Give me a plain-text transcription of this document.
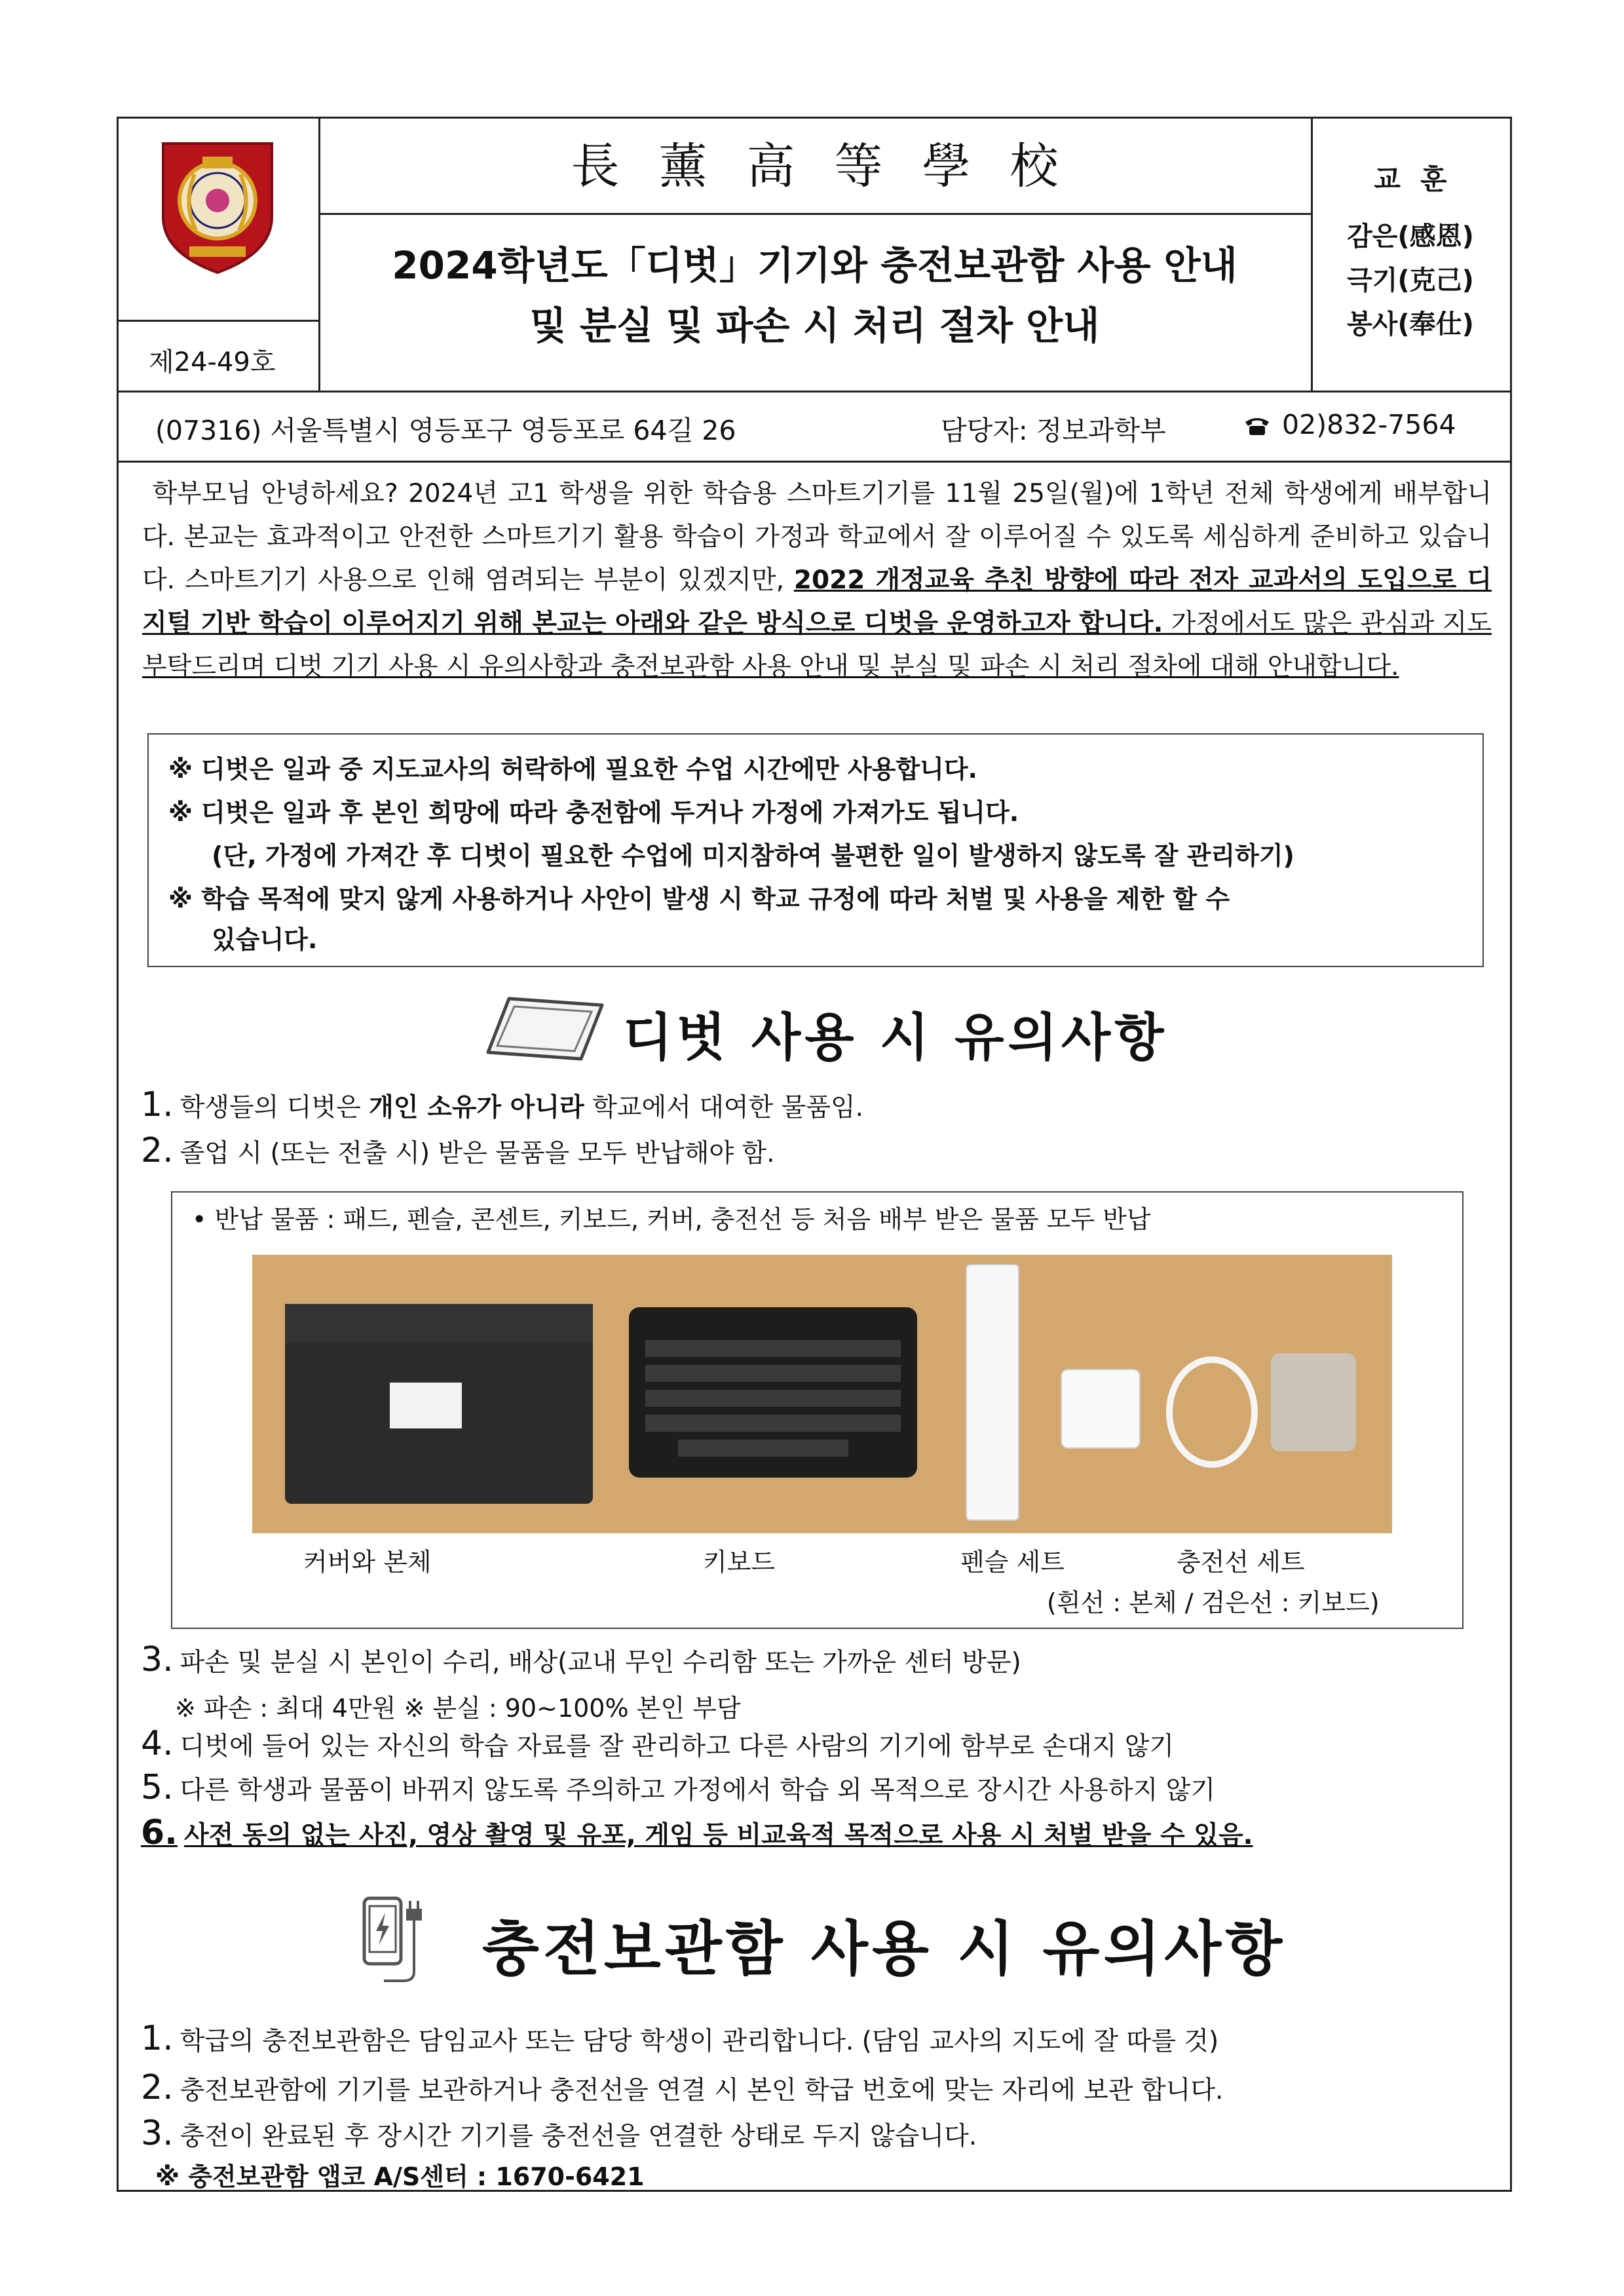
제24-49호
長薰高等學校
2024학년도「디벗」기기와 충전보관함 사용 안내
및 분실 및 파손 시 처리 절차 안내
교훈
감은(感恩)
극기(克己)
봉사(奉仕)
(07316) 서울특별시 영등포구 영등포로 64길 26	담당자: 정보과학부	02)832-7564
학부모님 안녕하세요? 2024년 고1 학생을 위한 학습용 스마트기기를 11월 25일(월)에 1학년 전체 학생에게 배부합니다. 본교는 효과적이고 안전한 스마트기기 활용 학습이 가정과 학교에서 잘 이루어질 수 있도록 세심하게 준비하고 있습니다. 스마트기기 사용으로 인해 염려되는 부분이 있겠지만, 2022 개정교육 추친 방향에 따라 전자 교과서의 도입으로 디지털 기반 학습이 이루어지기 위해 본교는 아래와 같은 방식으로 디벗을 운영하고자 합니다. 가정에서도 많은 관심과 지도 부탁드리며 디벗 기기 사용 시 유의사항과 충전보관함 사용 안내 및 분실 및 파손 시 처리 절차에 대해 안내합니다.
※ 디벗은 일과 중 지도교사의 허락하에 필요한 수업 시간에만 사용합니다.
※ 디벗은 일과 후 본인 희망에 따라 충전함에 두거나 가정에 가져가도 됩니다.
(단, 가정에 가져간 후 디벗이 필요한 수업에 미지참하여 불편한 일이 발생하지 않도록 잘 관리하기)
※ 학습 목적에 맞지 않게 사용하거나 사안이 발생 시 학교 규정에 따라 처벌 및 사용을 제한 할 수
있습니다.
디벗 사용 시 유의사항
1. 학생들의 디벗은 개인 소유가 아니라 학교에서 대여한 물품임.
2. 졸업 시 (또는 전출 시) 받은 물품을 모두 반납해야 함.
• 반납 물품 : 패드, 펜슬, 콘센트, 키보드, 커버, 충전선 등 처음 배부 받은 물품 모두 반납
커버와 본체	키보드	펜슬 세트	충전선 세트
(흰선 : 본체 / 검은선 : 키보드)
3. 파손 및 분실 시 본인이 수리, 배상(교내 무인 수리함 또는 가까운 센터 방문)
※ 파손 : 최대 4만원 ※ 분실 : 90~100% 본인 부담
4. 디벗에 들어 있는 자신의 학습 자료를 잘 관리하고 다른 사람의 기기에 함부로 손대지 않기
5. 다른 학생과 물품이 바뀌지 않도록 주의하고 가정에서 학습 외 목적으로 장시간 사용하지 않기
6. 사전 동의 없는 사진, 영상 촬영 및 유포, 게임 등 비교육적 목적으로 사용 시 처벌 받을 수 있음.
충전보관함 사용 시 유의사항
1. 학급의 충전보관함은 담임교사 또는 담당 학생이 관리합니다. (담임 교사의 지도에 잘 따를 것)
2. 충전보관함에 기기를 보관하거나 충전선을 연결 시 본인 학급 번호에 맞는 자리에 보관 합니다.
3. 충전이 완료된 후 장시간 기기를 충전선을 연결한 상태로 두지 않습니다.
※ 충전보관함 앱코 A/S센터 : 1670-6421
